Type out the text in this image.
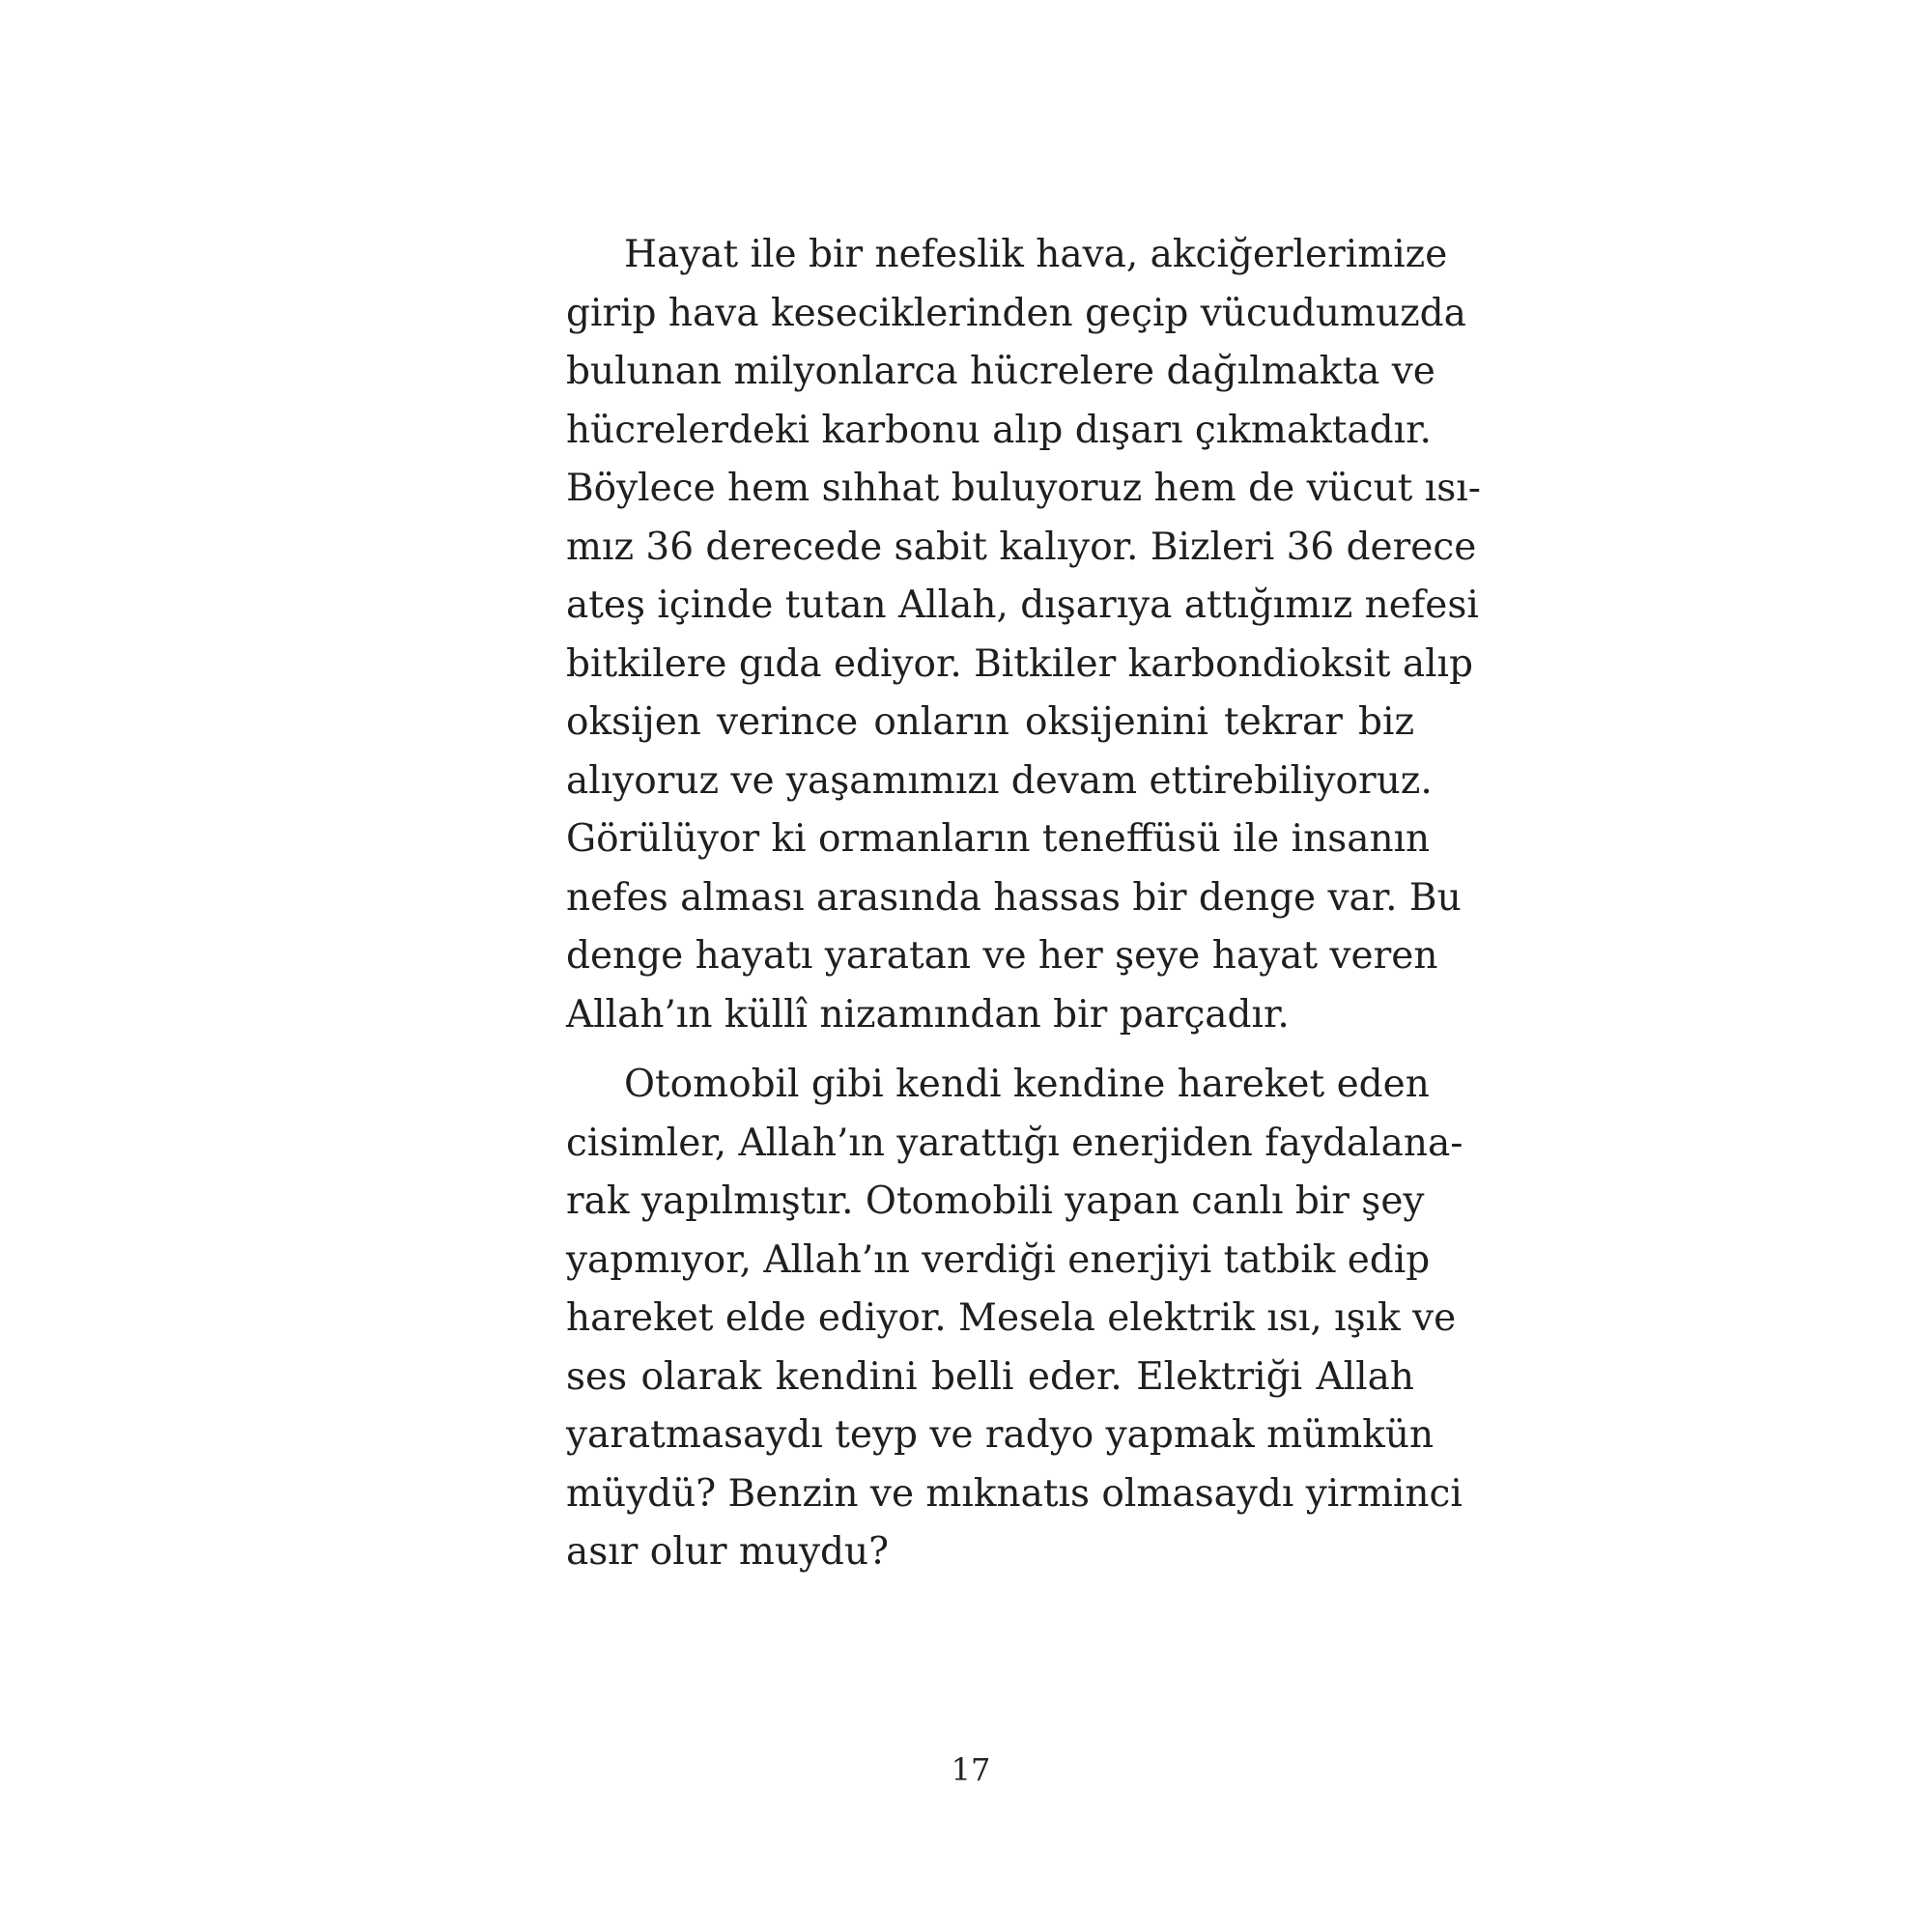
Hayat ile bir nefeslik hava, akciğerlerimize
girip hava keseciklerinden geçip vücudumuzda
bulunan milyonlarca hücrelere dağılmakta ve
hücrelerdeki karbonu alıp dışarı çıkmaktadır.
Böylece hem sıhhat buluyoruz hem de vücut ısı-
mız 36 derecede sabit kalıyor. Bizleri 36 derece
ateş içinde tutan Allah, dışarıya attığımız nefesi
bitkilere gıda ediyor. Bitkiler karbondioksit alıp
oksijen verince onların oksijenini tekrar biz
alıyoruz ve yaşamımızı devam ettirebiliyoruz.
Görülüyor ki ormanların teneffüsü ile insanın
nefes alması arasında hassas bir denge var. Bu
denge hayatı yaratan ve her şeye hayat veren
Allah’ın küllî nizamından bir parçadır.
Otomobil gibi kendi kendine hareket eden
cisimler, Allah’ın yarattığı enerjiden faydalana-
rak yapılmıştır. Otomobili yapan canlı bir şey
yapmıyor, Allah’ın verdiği enerjiyi tatbik edip
hareket elde ediyor. Mesela elektrik ısı, ışık ve
ses olarak kendini belli eder. Elektriği Allah
yaratmasaydı teyp ve radyo yapmak mümkün
müydü? Benzin ve mıknatıs olmasaydı yirminci
asır olur muydu?
17
